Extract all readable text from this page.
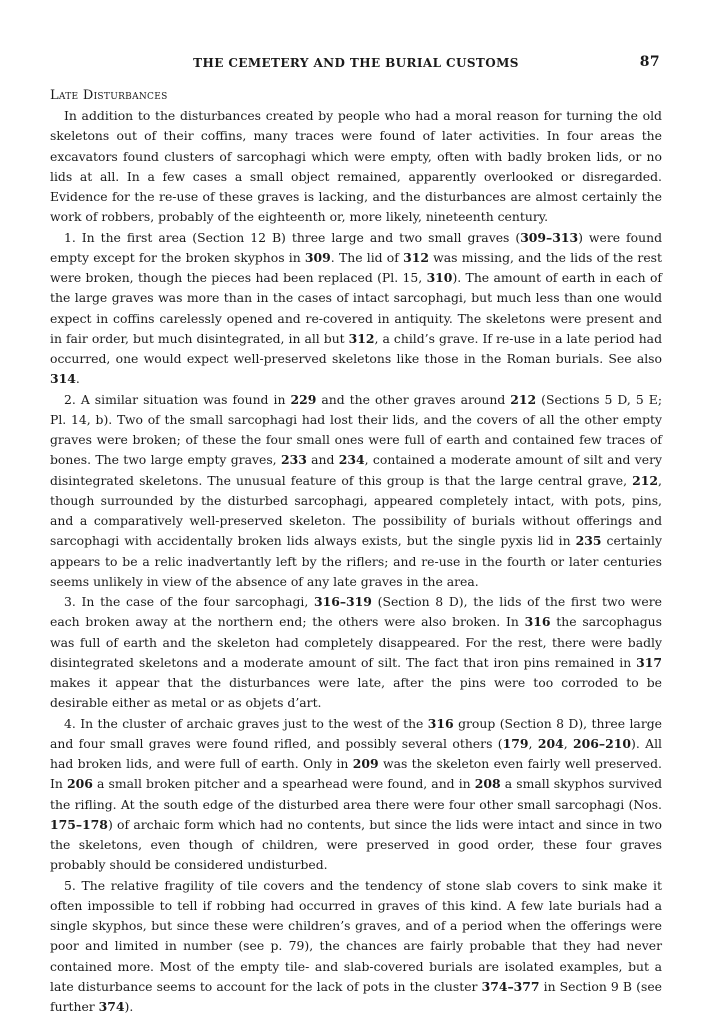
THE CEMETERY AND THE BURIAL CUSTOMS	87
Late Disturbances

In addition to the disturbances created by people who had a moral reason for turning the old skeletons out of their coffins, many traces were found of later activities. In four areas the excavators found clusters of sarcophagi which were empty, often with badly broken lids, or no lids at all. In a few cases a small object remained, apparently overlooked or disregarded. Evidence for the re-use of these graves is lacking, and the disturbances are almost certainly the work of robbers, probably of the eighteenth or, more likely, nineteenth century.

1. In the first area (Section 12 B) three large and two small graves (309–313) were found empty except for the broken skyphos in 309. The lid of 312 was missing, and the lids of the rest were broken, though the pieces had been replaced (Pl. 15, 310). The amount of earth in each of the large graves was more than in the cases of intact sarcophagi, but much less than one would expect in coffins carelessly opened and re-covered in antiquity. The skeletons were present and in fair order, but much disintegrated, in all but 312, a child’s grave. If re-use in a late period had occurred, one would expect well-preserved skeletons like those in the Roman burials. See also 314.

2. A similar situation was found in 229 and the other graves around 212 (Sections 5 D, 5 E; Pl. 14, b). Two of the small sarcophagi had lost their lids, and the covers of all the other empty graves were broken; of these the four small ones were full of earth and contained few traces of bones. The two large empty graves, 233 and 234, contained a moderate amount of silt and very disintegrated skeletons. The unusual feature of this group is that the large central grave, 212, though surrounded by the disturbed sarcophagi, appeared completely intact, with pots, pins, and a comparatively well-preserved skeleton. The possibility of burials without offerings and sarcophagi with accidentally broken lids always exists, but the single pyxis lid in 235 certainly appears to be a relic inadvertantly left by the riflers; and re-use in the fourth or later centuries seems unlikely in view of the absence of any late graves in the area.

3. In the case of the four sarcophagi, 316–319 (Section 8 D), the lids of the first two were each broken away at the northern end; the others were also broken. In 316 the sarcophagus was full of earth and the skeleton had completely disappeared. For the rest, there were badly disintegrated skeletons and a moderate amount of silt. The fact that iron pins remained in 317 makes it appear that the disturbances were late, after the pins were too corroded to be desirable either as metal or as objets d’art.

4. In the cluster of archaic graves just to the west of the 316 group (Section 8 D), three large and four small graves were found rifled, and possibly several others (179, 204, 206–210). All had broken lids, and were full of earth. Only in 209 was the skeleton even fairly well preserved. In 206 a small broken pitcher and a spearhead were found, and in 208 a small skyphos survived the rifling. At the south edge of the disturbed area there were four other small sarcophagi (Nos. 175–178) of archaic form which had no contents, but since the lids were intact and since in two the skeletons, even though of children, were preserved in good order, these four graves probably should be considered undisturbed.

5. The relative fragility of tile covers and the tendency of stone slab covers to sink make it often impossible to tell if robbing had occurred in graves of this kind. A few late burials had a single skyphos, but since these were children’s graves, and of a period when the offerings were poor and limited in number (see p. 79), the chances are fairly probable that they had never contained more. Most of the empty tile- and slab-covered burials are isolated examples, but a late disturbance seems to account for the lack of pots in the cluster 374–377 in Section 9 B (see further 374).
